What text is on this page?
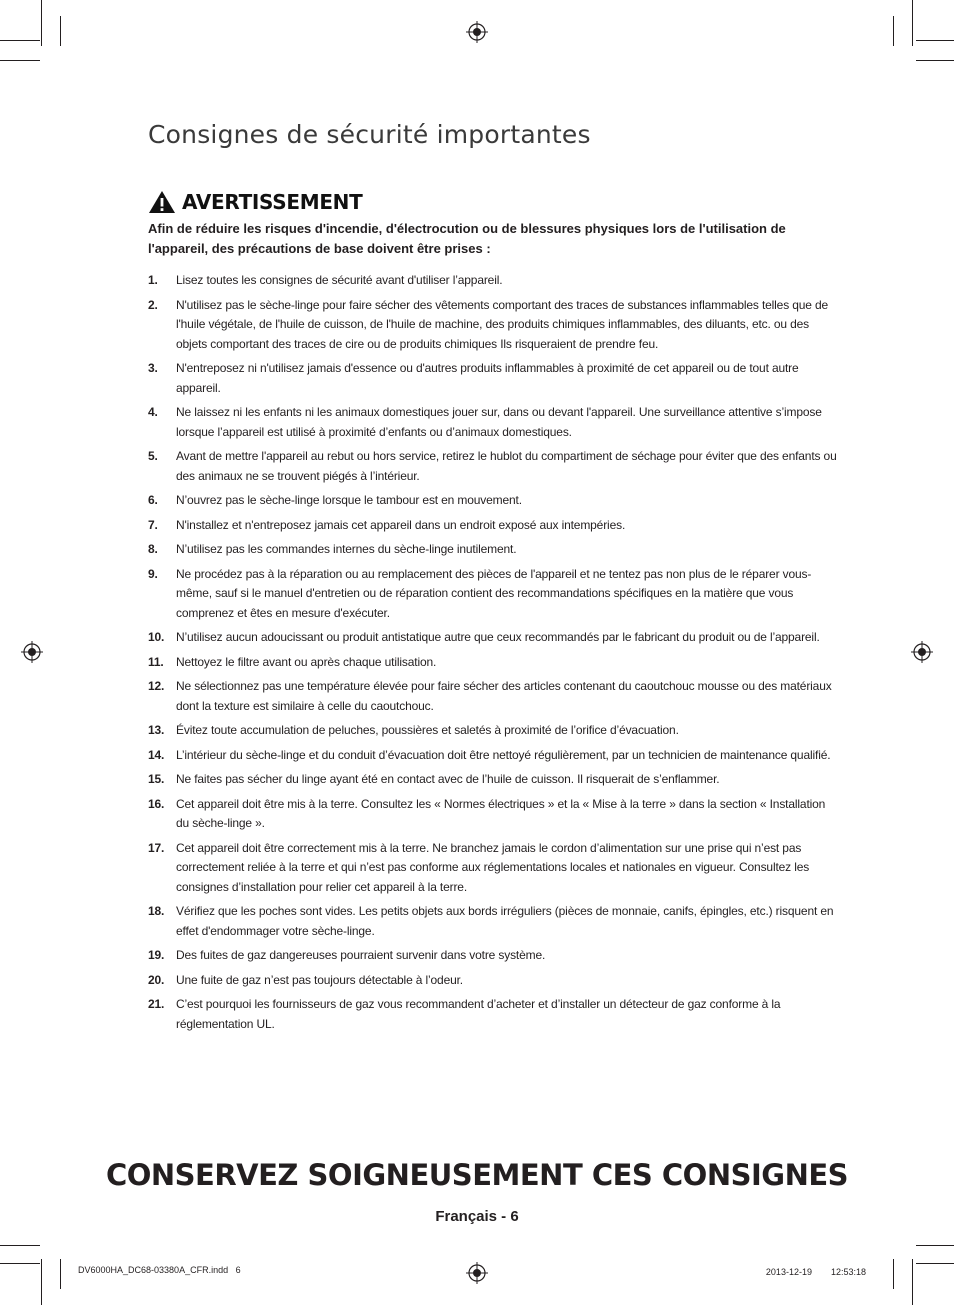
Consignes de sécurité importantes
AVERTISSEMENT

Afin de réduire les risques d'incendie, d'électrocution ou de blessures physiques lors de l'utilisation de l'appareil, des précautions de base doivent être prises :

1. Lisez toutes les consignes de sécurité avant d'utiliser l’appareil.
2. N'utilisez pas le sèche-linge pour faire sécher des vêtements comportant des traces de substances inflammables telles que de l'huile végétale, de l'huile de cuisson, de l'huile de machine, des produits chimiques inflammables, des diluants, etc. ou des objets comportant des traces de cire ou de produits chimiques Ils risqueraient de prendre feu.
3. N'entreposez ni n'utilisez jamais d'essence ou d'autres produits inflammables à proximité de cet appareil ou de tout autre appareil.
4. Ne laissez ni les enfants ni les animaux domestiques jouer sur, dans ou devant l'appareil. Une surveillance attentive s’impose lorsque l’appareil est utilisé à proximité d’enfants ou d’animaux domestiques.
5. Avant de mettre l'appareil au rebut ou hors service, retirez le hublot du compartiment de séchage pour éviter que des enfants ou des animaux ne se trouvent piégés à l’intérieur.
6. N’ouvrez pas le sèche-linge lorsque le tambour est en mouvement.
7. N'installez et n'entreposez jamais cet appareil dans un endroit exposé aux intempéries.
8. N’utilisez pas les commandes internes du sèche-linge inutilement.
9. Ne procédez pas à la réparation ou au remplacement des pièces de l'appareil et ne tentez pas non plus de le réparer vous-même, sauf si le manuel d'entretien ou de réparation contient des recommandations spécifiques en la matière que vous comprenez et êtes en mesure d'exécuter.
10. N’utilisez aucun adoucissant ou produit antistatique autre que ceux recommandés par le fabricant du produit ou de l’appareil.
11. Nettoyez le filtre avant ou après chaque utilisation.
12. Ne sélectionnez pas une température élevée pour faire sécher des articles contenant du caoutchouc mousse ou des matériaux dont la texture est similaire à celle du caoutchouc.
13. Évitez toute accumulation de peluches, poussières et saletés à proximité de l’orifice d’évacuation.
14. L’intérieur du sèche-linge et du conduit d’évacuation doit être nettoyé régulièrement, par un technicien de maintenance qualifié.
15. Ne faites pas sécher du linge ayant été en contact avec de l’huile de cuisson. Il risquerait de s’enflammer.
16. Cet appareil doit être mis à la terre. Consultez les « Normes électriques » et la « Mise à la terre » dans la section « Installation du sèche-linge ».
17. Cet appareil doit être correctement mis à la terre. Ne branchez jamais le cordon d’alimentation sur une prise qui n’est pas correctement reliée à la terre et qui n’est pas conforme aux réglementations locales et nationales en vigueur. Consultez les consignes d’installation pour relier cet appareil à la terre.
18. Vérifiez que les poches sont vides. Les petits objets aux bords irréguliers (pièces de monnaie, canifs, épingles, etc.) risquent en effet d'endommager votre sèche-linge.
19. Des fuites de gaz dangereuses pourraient survenir dans votre système.
20. Une fuite de gaz n’est pas toujours détectable à l’odeur.
21. C’est pourquoi les fournisseurs de gaz vous recommandent d’acheter et d’installer un détecteur de gaz conforme à la réglementation UL.
CONSERVEZ SOIGNEUSEMENT CES CONSIGNES
Français - 6
DV6000HA_DC68-03380A_CFR.indd   6	2013-12-19   　 12:53:18
